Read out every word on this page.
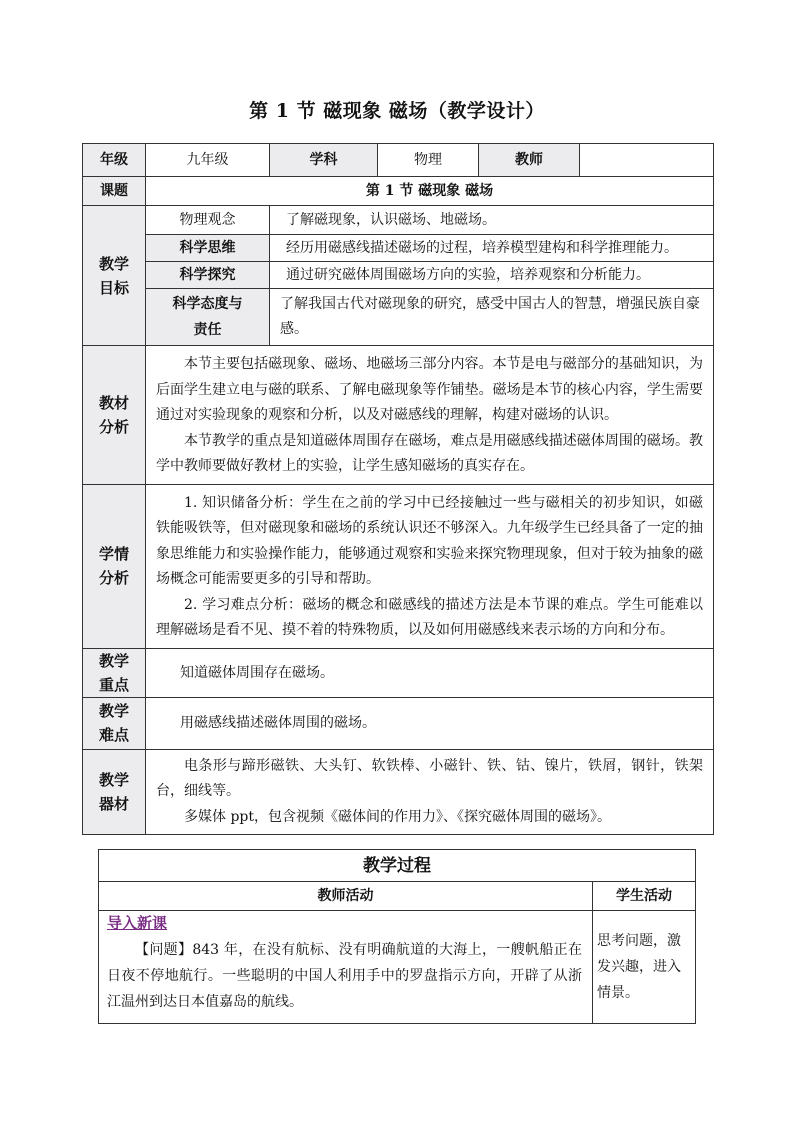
第 1 节 磁现象 磁场（教学设计）
年级	九年级	学科	物理	教师	
课题	第 1 节 磁现象 磁场				

教学目标	物理观念	了解磁现象，认识磁场、地磁场。			
	科学思维	经历用磁感线描述磁场的过程，培养模型建构和科学推理能力。			
	科学探究	通过研究磁体周围磁场方向的实验，培养观察和分析能力。			

	科学态度与责任	了解我国古代对磁现象的研究，感受中国古人的智慧，增强民族自豪感。			

教材分析	本节主要包括磁现象、磁场、地磁场三部分内容。本节是电与磁部分的基础知识，为后面学生建立电与磁的联系、了解电磁现象等作铺垫。磁场是本节的核心内容，学生需要通过对实验现象的观察和分析，以及对磁感线的理解，构建对磁场的认识。

本节教学的重点是知道磁体周围存在磁场，难点是用磁感线描述磁体周围的磁场。教学中教师要做好教材上的实验，让学生感知磁场的真实存在。				

学情分析	1. 知识储备分析：学生在之前的学习中已经接触过一些与磁相关的初步知识，如磁铁能吸铁等，但对磁现象和磁场的系统认识还不够深入。九年级学生已经具备了一定的抽象思维能力和实验操作能力，能够通过观察和实验来探究物理现象，但对于较为抽象的磁场概念可能需要更多的引导和帮助。

2. 学习难点分析：磁场的概念和磁感线的描述方法是本节课的难点。学生可能难以理解磁场是看不见、摸不着的特殊物质，以及如何用磁感线来表示场的方向和分布。				

教学重点	知道磁体周围存在磁场。				

教学难点	用磁感线描述磁体周围的磁场。				

教学器材	电条形与蹄形磁铁、大头钉、软铁棒、小磁针、铁、钴、镍片，铁屑，钢针，铁架台，细线等。

多媒体 ppt，包含视频《磁体间的作用力》、《探究磁体周围的磁场》。				

教学过程	
教师活动	学生活动

导入新课

【问题】843 年，在没有航标、没有明确航道的大海上，一艘帆船正在日夜不停地航行。一些聪明的中国人利用手中的罗盘指示方向，开辟了从浙江温州到达日本值嘉岛的航线。	思考问题，激发兴趣，进入情景。
